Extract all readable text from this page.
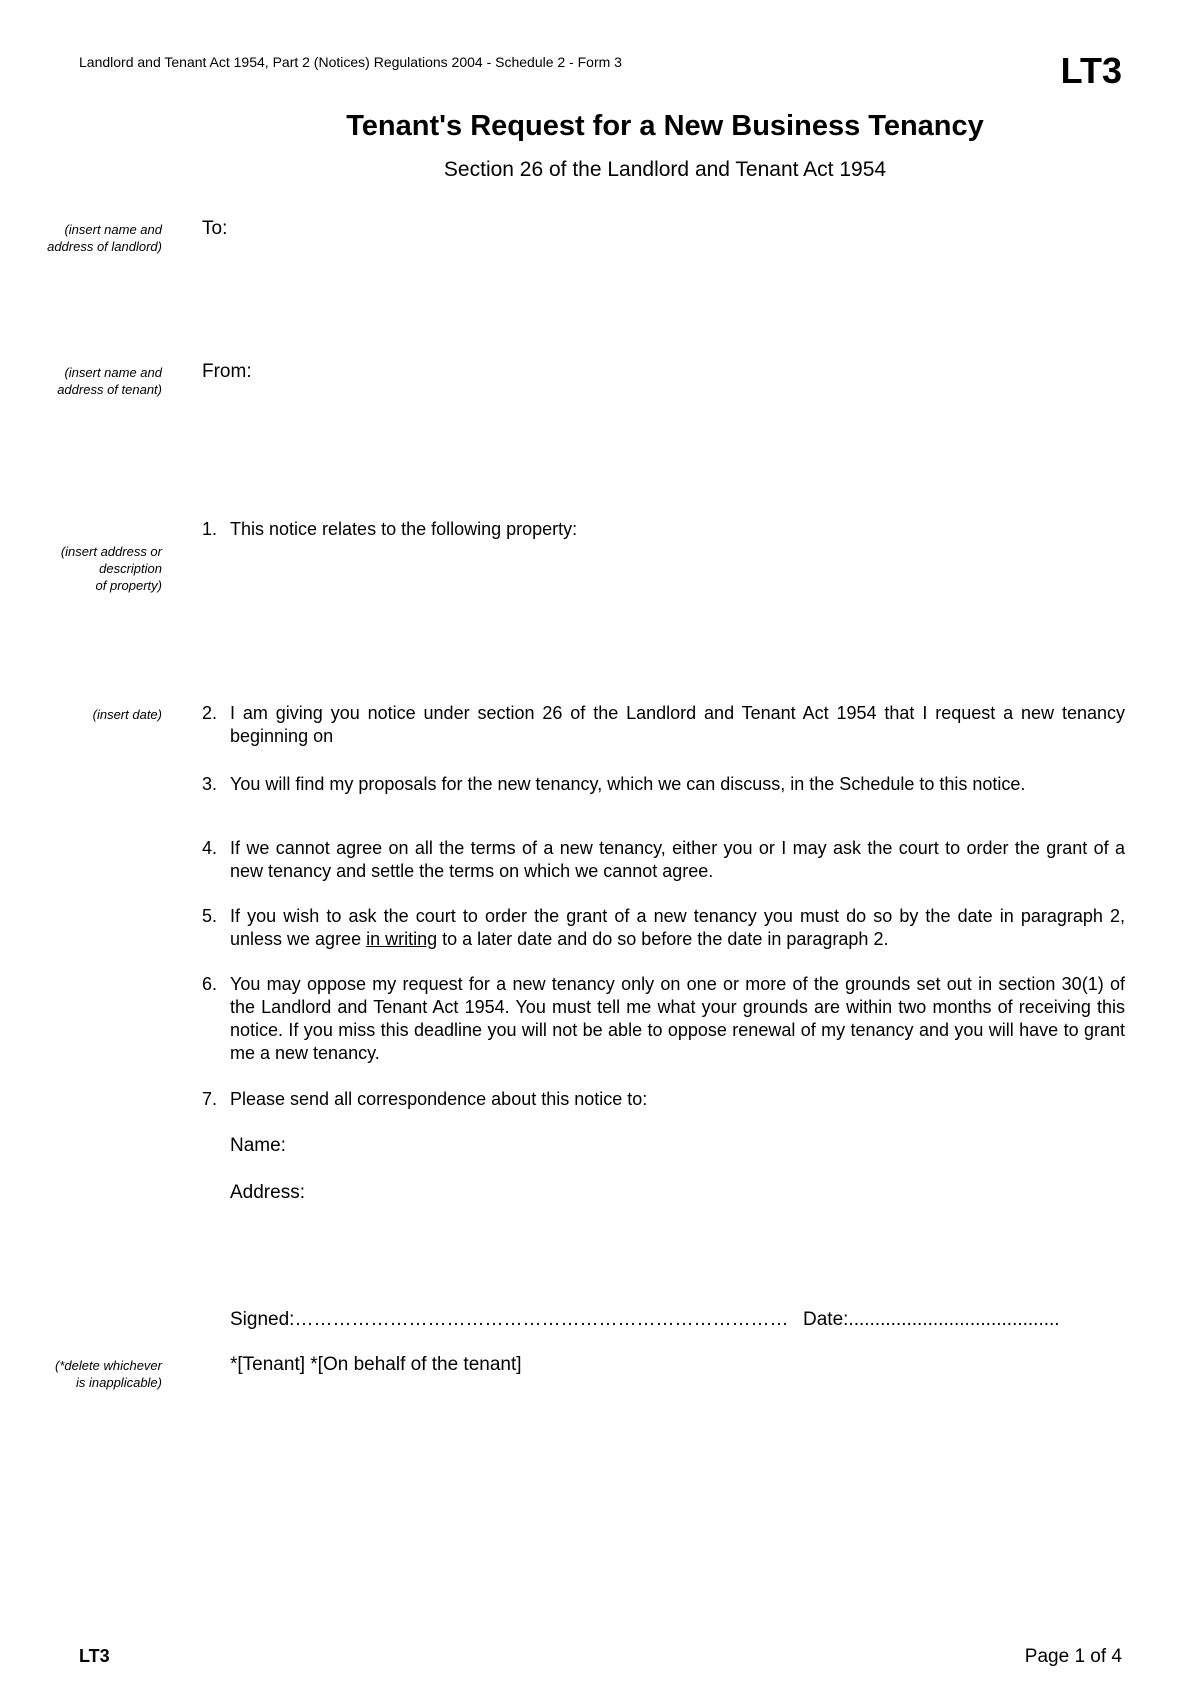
Landlord and Tenant Act 1954, Part 2 (Notices) Regulations 2004 - Schedule 2 - Form 3	LT3
Tenant's Request for a New Business Tenancy
Section 26 of the Landlord and Tenant Act 1954
(insert name and
address of landlord)
To:
(insert name and
address of tenant)
From:
(insert address or
description
of property)
1. This notice relates to the following property:
(insert date) 2. I am giving you notice under section 26 of the Landlord and Tenant Act 1954 that I request a new tenancy beginning on
3. You will find my proposals for the new tenancy, which we can discuss, in the Schedule to this notice.
4. If we cannot agree on all the terms of a new tenancy, either you or I may ask the court to order the grant of a new tenancy and settle the terms on which we cannot agree.
5. If you wish to ask the court to order the grant of a new tenancy you must do so by the date in paragraph 2, unless we agree in writing to a later date and do so before the date in paragraph 2.
6. You may oppose my request for a new tenancy only on one or more of the grounds set out in section 30(1) of the Landlord and Tenant Act 1954. You must tell me what your grounds are within two months of receiving this notice. If you miss this deadline you will not be able to oppose renewal of my tenancy and you will have to grant me a new tenancy.
7. Please send all correspondence about this notice to:
Name:
Address:
Signed:…………………………………………………………………… Date:........................................
(*delete whichever
is inapplicable)
*[Tenant] *[On behalf of the tenant]
LT3	Page 1 of 4
